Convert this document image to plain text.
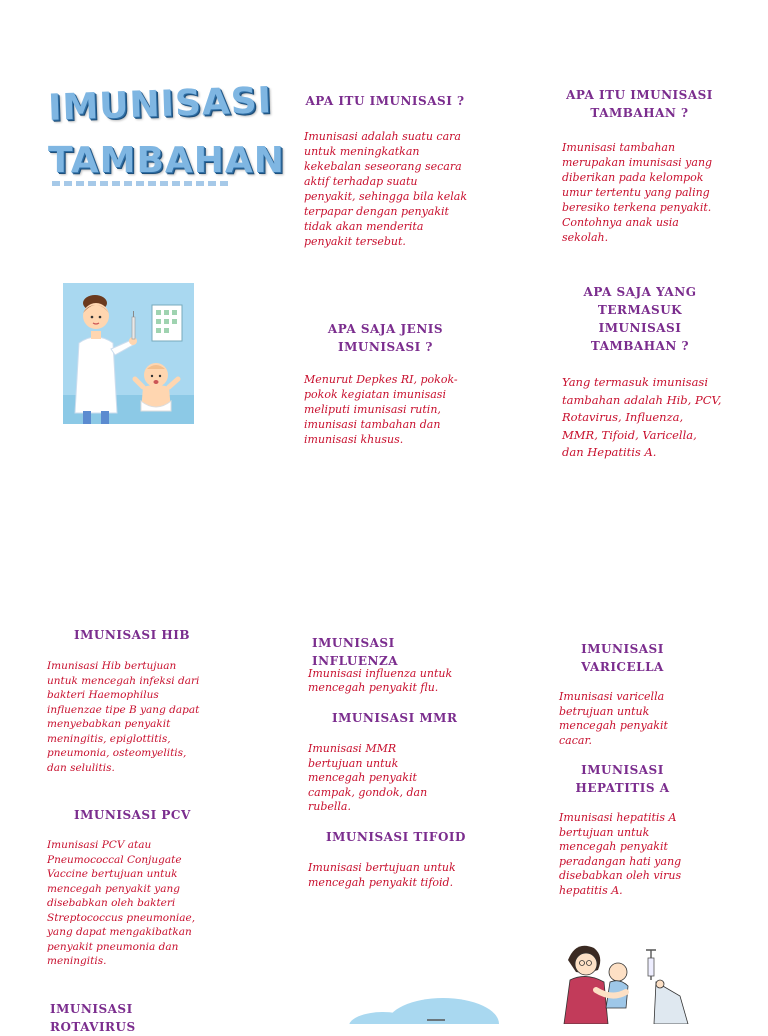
IMUNISASI
TAMBAHAN
APA ITU IMUNISASI ?
Imunisasi adalah suatu cara untuk meningkatkan kekebalan seseorang secara aktif terhadap suatu penyakit, sehingga bila kelak terpapar dengan penyakit tidak akan menderita penyakit tersebut.
APA SAJA JENIS IMUNISASI ?
Menurut Depkes RI, pokok-pokok kegiatan imunisasi meliputi imunisasi rutin, imunisasi tambahan dan imunisasi khusus.
APA ITU IMUNISASI TAMBAHAN ?
Imunisasi tambahan merupakan imunisasi yang diberikan pada kelompok umur tertentu yang paling beresiko terkena penyakit. Contohnya anak usia sekolah.
APA SAJA YANG TERMASUK IMUNISASI TAMBAHAN ?
Yang termasuk imunisasi tambahan adalah Hib, PCV, Rotavirus, Influenza, MMR, Tifoid, Varicella, dan Hepatitis A.
IMUNISASI HIB
Imunisasi Hib bertujuan untuk mencegah infeksi dari bakteri Haemophilus influenzae tipe B yang dapat menyebabkan penyakit meningitis, epiglottitis, pneumonia, osteomyelitis, dan selulitis.
IMUNISASI PCV
Imunisasi PCV atau Pneumococcal Conjugate Vaccine bertujuan untuk mencegah penyakit yang disebabkan oleh bakteri Streptococcus pneumoniae, yang dapat mengakibatkan penyakit pneumonia dan meningitis.
IMUNISASI ROTAVIRUS
IMUNISASI INFLUENZA
Imunisasi influenza untuk mencegah penyakit flu.
IMUNISASI MMR
Imunisasi MMR bertujuan untuk mencegah penyakit campak, gondok, dan rubella.
IMUNISASI TIFOID
Imunisasi bertujuan untuk mencegah penyakit tifoid.
IMUNISASI VARICELLA
Imunisasi varicella betrujuan untuk mencegah penyakit cacar.
IMUNISASI HEPATITIS A
Imunisasi hepatitis A bertujuan untuk mencegah penyakit peradangan hati yang disebabkan oleh virus hepatitis A.
